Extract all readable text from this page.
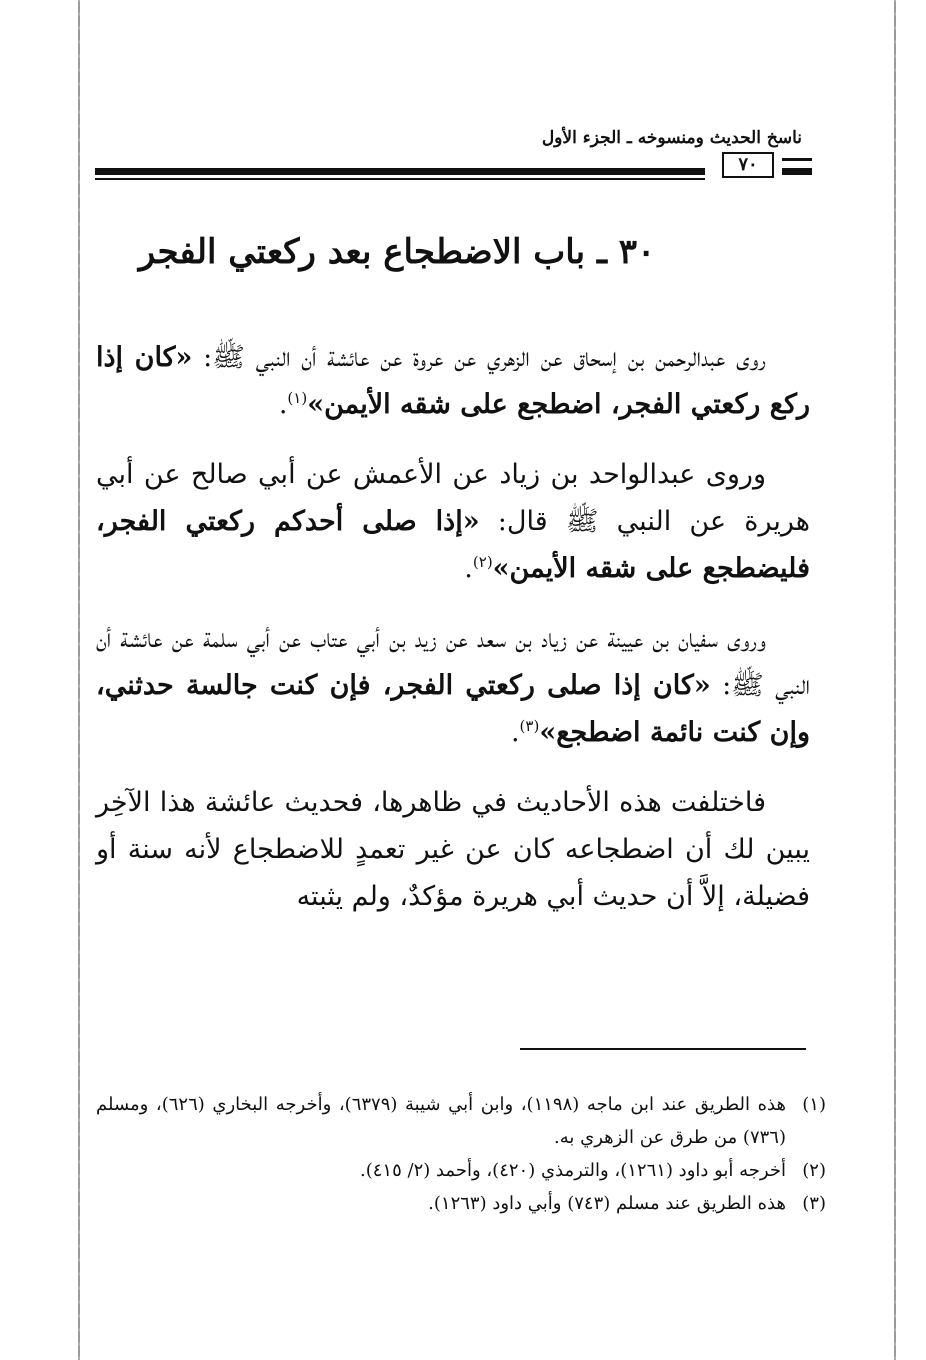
ناسخ الحديث ومنسوخه ـ الجزء الأول
٧٠
٣٠ ـ باب الاضطجاع بعد ركعتي الفجر

روى عبدالرحمن بن إسحاق عن الزهري عن عروة عن عائشة أن النبي ﷺ: «كان إذا ركع ركعتي الفجر، اضطجع على شقه الأيمن»$^{(١)}$.

وروى عبدالواحد بن زياد عن الأعمش عن أبي صالح عن أبي هريرة عن النبي ﷺ قال: «إذا صلى أحدكم ركعتي الفجر، فليضطجع على شقه الأيمن»$^{(٢)}$.

وروى سفيان بن عيينة عن زياد بن سعد عن زيد بن أبي عتاب عن أبي سلمة عن عائشة أن النبي ﷺ: «كان إذا صلى ركعتي الفجر، فإن كنت جالسة حدثني، وإن كنت نائمة اضطجع»$^{(٣)}$.

فاختلفت هذه الأحاديث في ظاهرها، فحديث عائشة هذا الآخِر يبين لك أن اضطجاعه كان عن غير تعمدٍ للاضطجاع لأنه سنة أو فضيلة، إلاَّ أن حديث أبي هريرة مؤكدٌ، ولم يثبته

(١)
هذه الطريق عند ابن ماجه (١١٩٨)، وابن أبي شيبة (٦٣٧٩)، وأخرجه البخاري (٦٢٦)، ومسلم (٧٣٦) من طرق عن الزهري به.
(٢)
أخرجه أبو داود (١٢٦١)، والترمذي (٤٢٠)، وأحمد (٢/ ٤١٥).
(٣)
هذه الطريق عند مسلم (٧٤٣) وأبي داود (١٢٦٣).
